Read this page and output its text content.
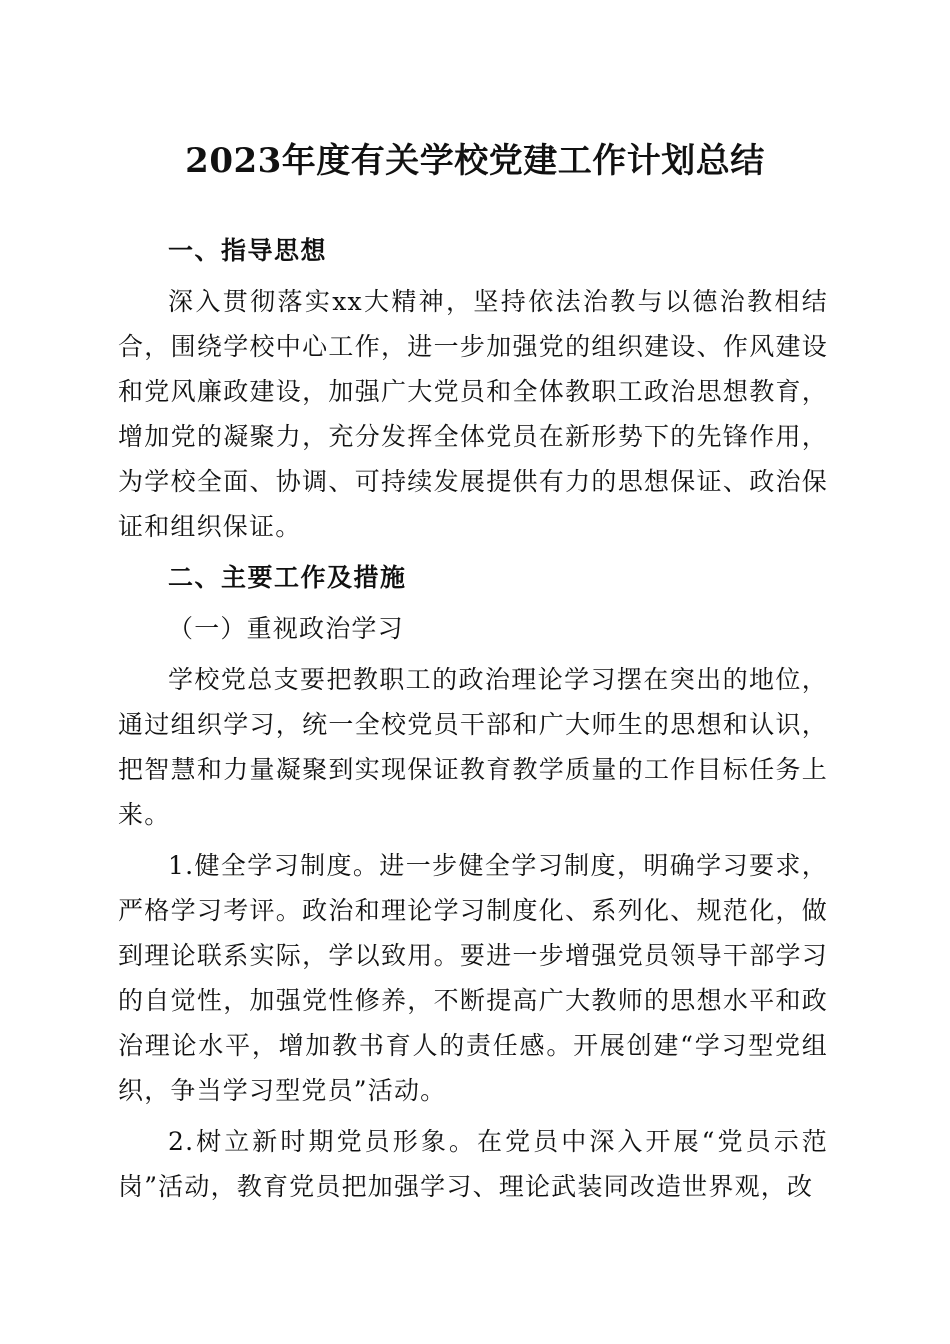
2023年度有关学校党建工作计划总结

一、指导思想

深入贯彻落实xx大精神，坚持依法治教与以德治教相结合，围绕学校中心工作，进一步加强党的组织建设、作风建设和党风廉政建设，加强广大党员和全体教职工政治思想教育，增加党的凝聚力，充分发挥全体党员在新形势下的先锋作用，为学校全面、协调、可持续发展提供有力的思想保证、政治保证和组织保证。

二、主要工作及措施

（一）重视政治学习

学校党总支要把教职工的政治理论学习摆在突出的地位，通过组织学习，统一全校党员干部和广大师生的思想和认识，把智慧和力量凝聚到实现保证教育教学质量的工作目标任务上来。

1.健全学习制度。进一步健全学习制度，明确学习要求，严格学习考评。政治和理论学习制度化、系列化、规范化，做到理论联系实际，学以致用。要进一步增强党员领导干部学习的自觉性，加强党性修养，不断提高广大教师的思想水平和政治理论水平，增加教书育人的责任感。开展创建“学习型党组织，争当学习型党员”活动。

2.树立新时期党员形象。在党员中深入开展“党员示范岗”活动，教育党员把加强学习、理论武装同改造世界观，改
